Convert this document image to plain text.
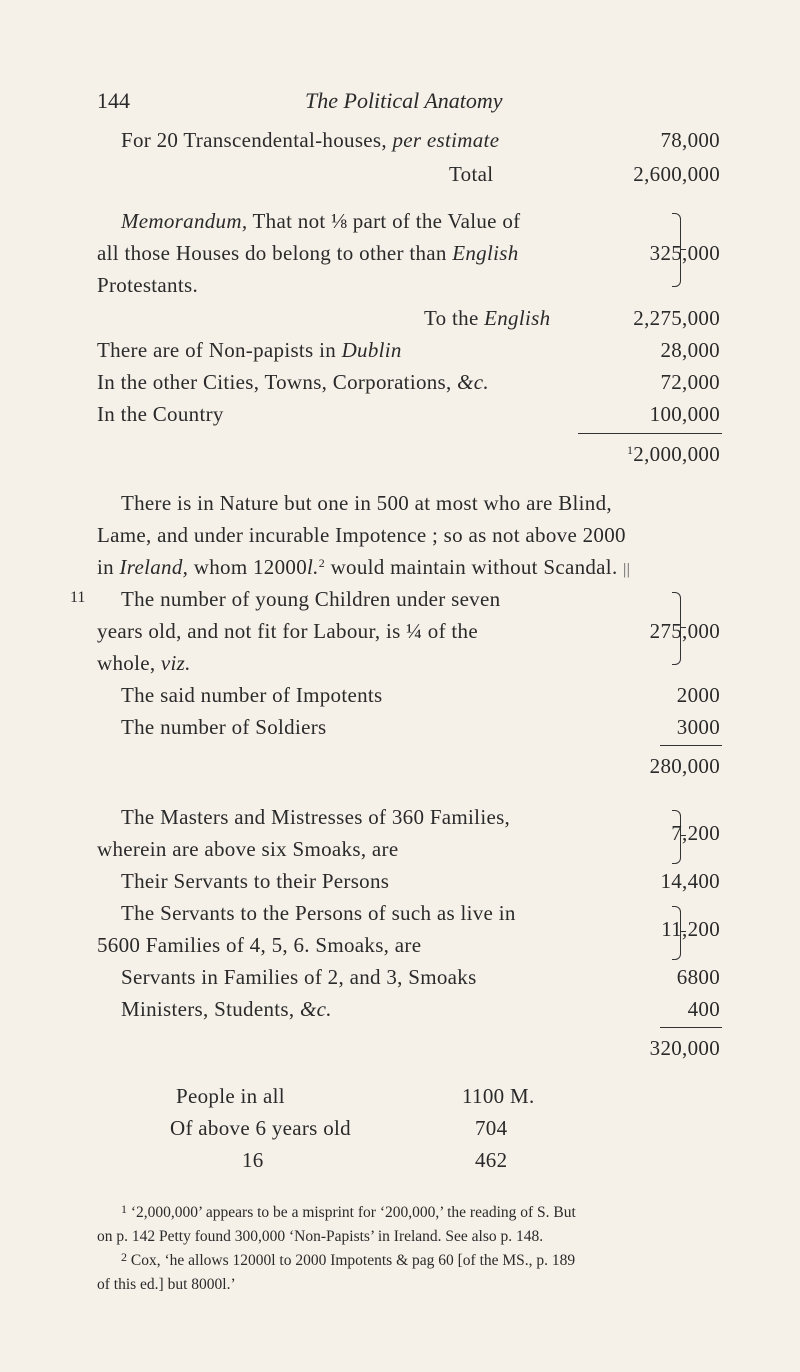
144	The Political Anatomy
For 20 Transcendental-houses, per estimate	78,000
Total	2,600,000
Memorandum, That not ⅛ part of the Value of
all those Houses do belong to other than English
Protestants.
325,000
To the English	2,275,000
There are of Non-papists in Dublin	28,000
In the other Cities, Towns, Corporations, &c.	72,000
In the Country	100,000
$^1$2,000,000
There is in Nature but one in 500 at most who are Blind,
Lame, and under incurable Impotence ; so as not above 2000
in Ireland, whom 12000l.$^2$ would maintain without Scandal. ||
11 The number of young Children under seven
years old, and not fit for Labour, is ¼ of the
whole, viz.
275,000
The said number of Impotents	2000
The number of Soldiers	3000
280,000
The Masters and Mistresses of 360 Families,
wherein are above six Smoaks, are
7,200
Their Servants to their Persons	14,400
The Servants to the Persons of such as live in
5600 Families of 4, 5, 6. Smoaks, are
11,200
Servants in Families of 2, and 3, Smoaks	6800
Ministers, Students, &c.	400
320,000
People in all	1100 M.
Of above 6 years old	704
16	462
$^1$ ‘2,000,000’ appears to be a misprint for ‘200,000,’ the reading of S. But
on p. 142 Petty found 300,000 ‘Non-Papists’ in Ireland. See also p. 148.
$^2$ Cox, ‘he allows 12000l to 2000 Impotents & pag 60 [of the MS., p. 189
of this ed.] but 8000l.’
